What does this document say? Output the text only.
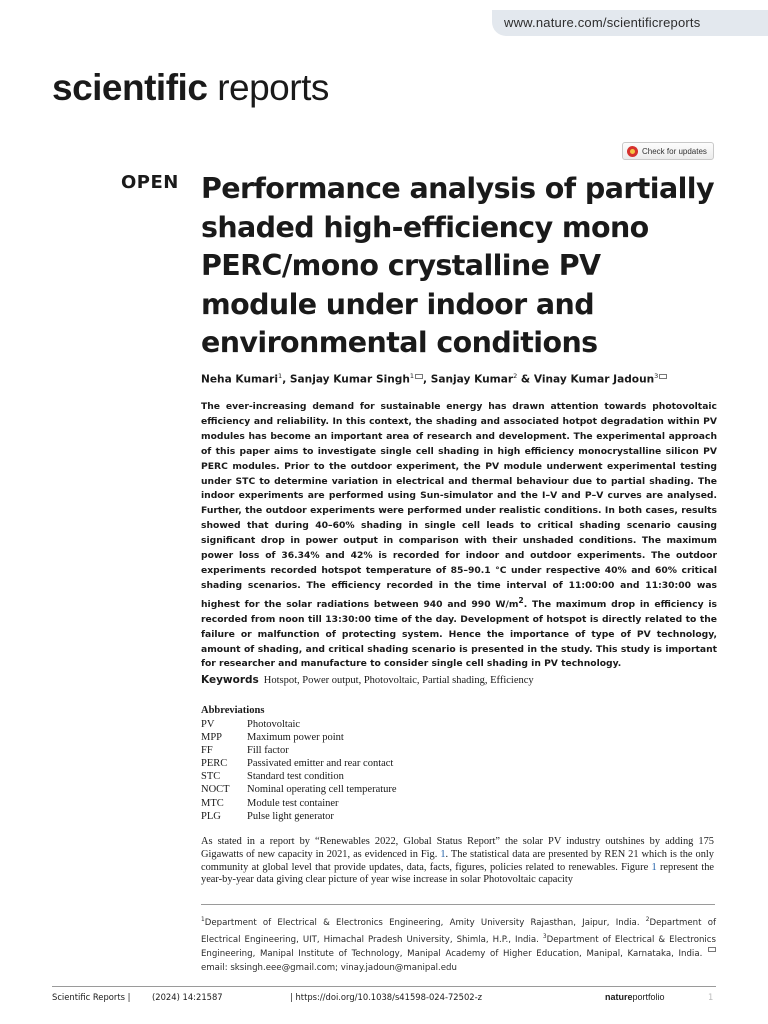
www.nature.com/scientificreports
scientific reports
Check for updates
OPEN Performance analysis of partially shaded high-efficiency mono PERC/mono crystalline PV module under indoor and environmental conditions
Neha Kumari$^1$, Sanjay Kumar Singh$^1$ , Sanjay Kumar$^2$ & Vinay Kumar Jadoun$^3$
The ever-increasing demand for sustainable energy has drawn attention towards photovoltaic efficiency and reliability. In this context, the shading and associated hotpot degradation within PV modules has become an important area of research and development. The experimental approach of this paper aims to investigate single cell shading in high efficiency monocrystalline silicon PV PERC modules. Prior to the outdoor experiment, the PV module underwent experimental testing under STC to determine variation in electrical and thermal behaviour due to partial shading. The indoor experiments are performed using Sun-simulator and the I–V and P–V curves are analysed. Further, the outdoor experiments were performed under realistic conditions. In both cases, results showed that during 40–60% shading in single cell leads to critical shading scenario causing significant drop in power output in comparison with their unshaded conditions. The maximum power loss of 36.34% and 42% is recorded for indoor and outdoor experiments. The outdoor experiments recorded hotspot temperature of 85–90.1 °C under respective 40% and 60% critical shading scenarios. The efficiency recorded in the time interval of 11:00:00 and 11:30:00 was highest for the solar radiations between 940 and 990 $W/m^2$. The maximum drop in efficiency is recorded from noon till 13:30:00 time of the day. Development of hotspot is directly related to the failure or malfunction of protecting system. Hence the importance of type of PV technology, amount of shading, and critical shading scenario is presented in the study. This study is important for researcher and manufacture to consider single cell shading in PV technology.
Keywords Hotspot, Power output, Photovoltaic, Partial shading, Efficiency
Abbreviations
PV	Photovoltaic
MPP	Maximum power point
FF	Fill factor
PERC	Passivated emitter and rear contact
STC	Standard test condition
NOCT	Nominal operating cell temperature
MTC	Module test container
PLG	Pulse light generator
As stated in a report by “Renewables 2022, Global Status Report” the solar PV industry outshines by adding 175 Gigawatts of new capacity in 2021, as evidenced in Fig. 1. The statistical data are presented by REN 21 which is the only community at global level that provide updates, data, facts, figures, policies related to renewables. Figure 1 represent the year-by-year data giving clear picture of year wise increase in solar Photovoltaic capacity
$^1$Department of Electrical & Electronics Engineering, Amity University Rajasthan, Jaipur, India. $^2$Department of Electrical Engineering, UIT, Himachal Pradesh University, Shimla, H.P., India. $^3$Department of Electrical & Electronics Engineering, Manipal Institute of Technology, Manipal Academy of Higher Education, Manipal, Karnataka, India. email: sksingh.eee@gmail.com; vinay.jadoun@manipal.edu
Scientific Reports |	(2024) 14:21587	| https://doi.org/10.1038/s41598-024-72502-z	natureportfolio	1
